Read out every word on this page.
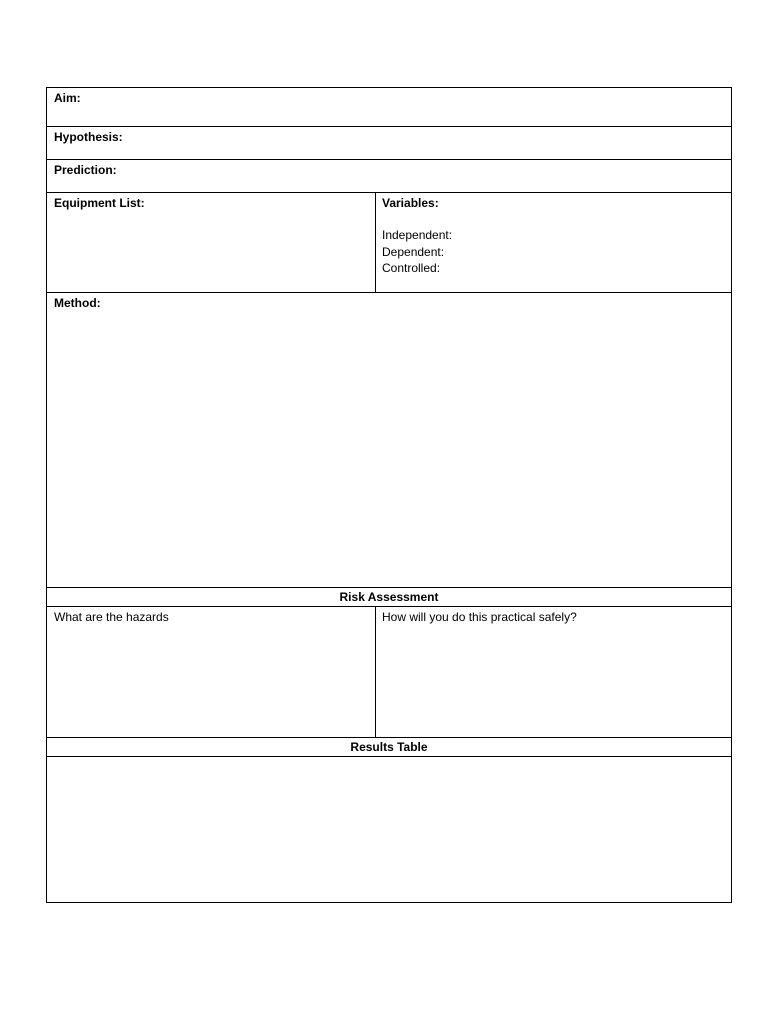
Aim:
Hypothesis:
Prediction:
Equipment List:	Variables:
Independent:
Dependent:
Controlled:
Method:
Risk Assessment
What are the hazards	How will you do this practical safely?
Results Table
